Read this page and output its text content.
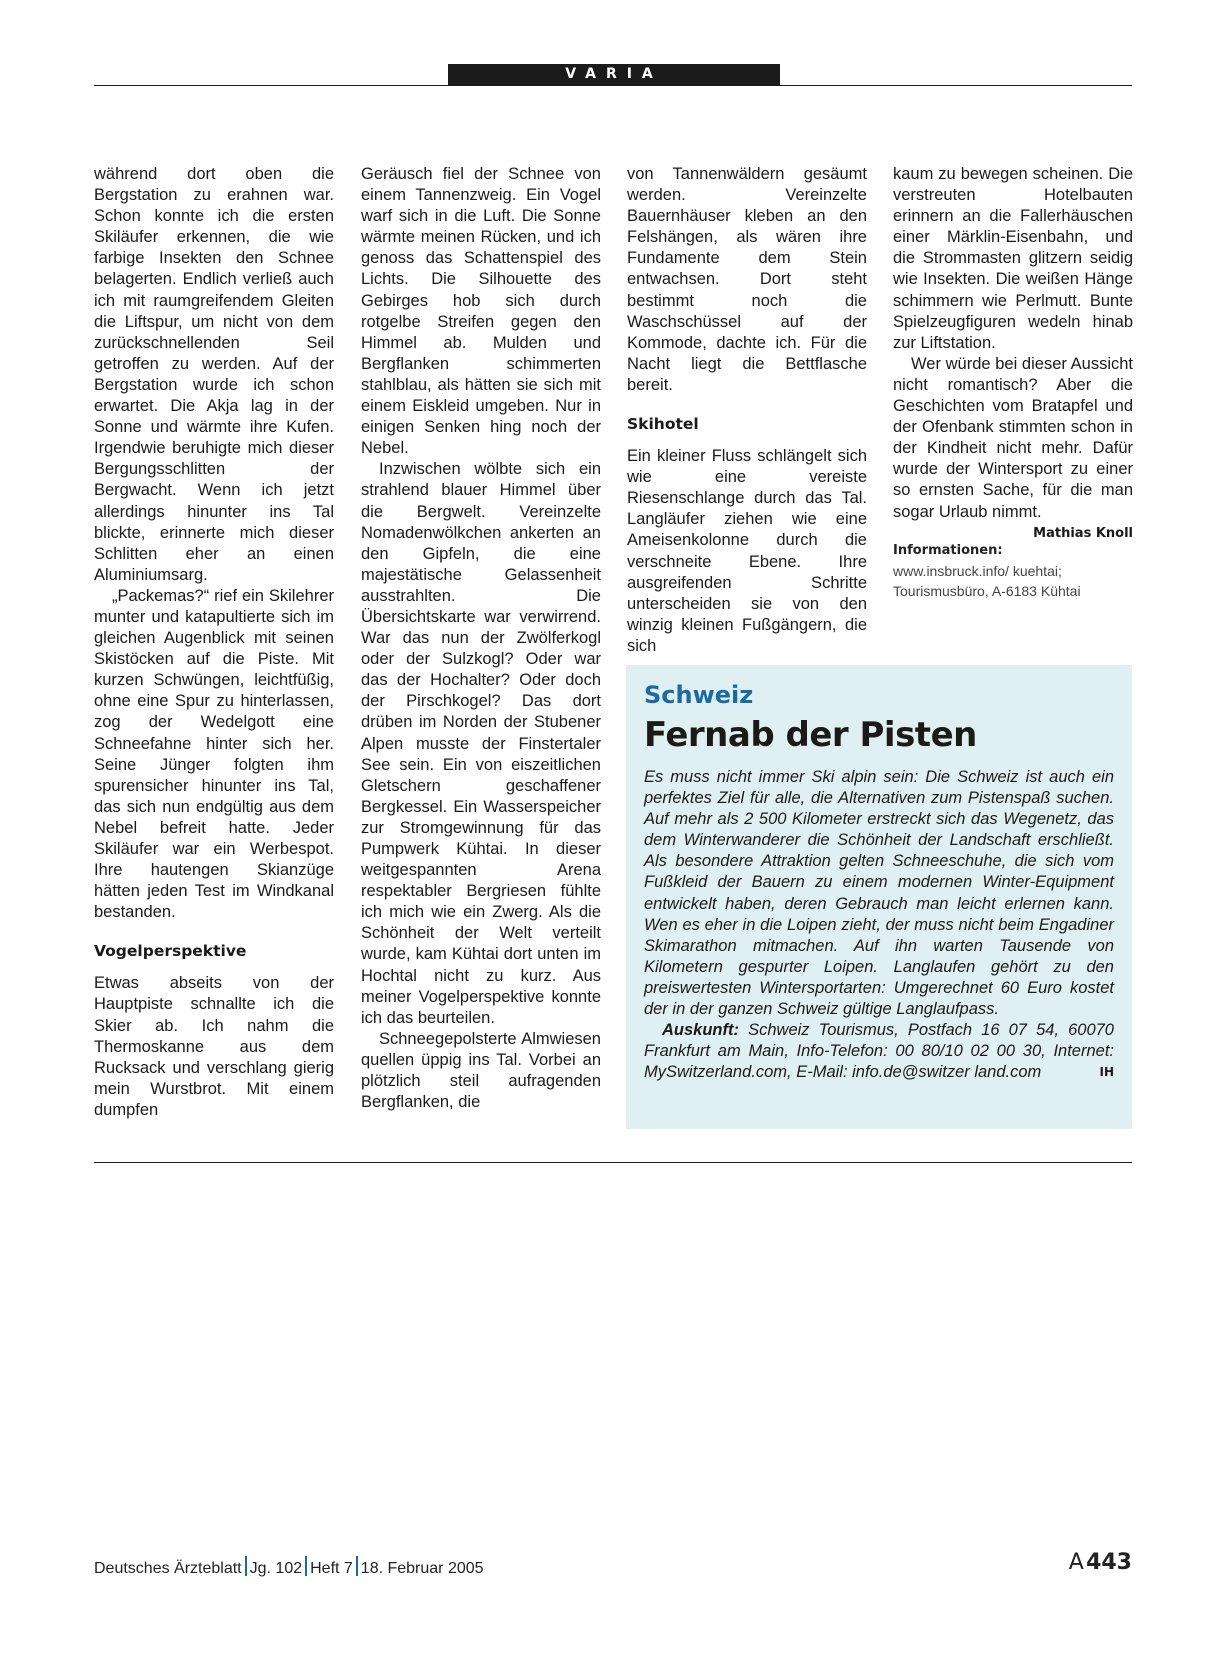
VARIA

während dort oben die Bergstation zu erahnen war. Schon konnte ich die ersten Skiläufer erkennen, die wie farbige Insekten den Schnee belagerten. Endlich verließ auch ich mit raumgreifendem Gleiten die Liftspur, um nicht von dem zurückschnellenden Seil getroffen zu werden. Auf der Bergstation wurde ich schon erwartet. Die Akja lag in der Sonne und wärmte ihre Kufen. Irgendwie beruhigte mich dieser Bergungsschlitten der Bergwacht. Wenn ich jetzt allerdings hinunter ins Tal blickte, erinnerte mich dieser Schlitten eher an einen Aluminiumsarg.

„Packemas?“ rief ein Skilehrer munter und katapultierte sich im gleichen Augenblick mit seinen Skistöcken auf die Piste. Mit kurzen Schwüngen, leichtfüßig, ohne eine Spur zu hinterlassen, zog der Wedelgott eine Schneefahne hinter sich her. Seine Jünger folgten ihm spurensicher hinunter ins Tal, das sich nun endgültig aus dem Nebel befreit hatte. Jeder Skiläufer war ein Werbespot. Ihre hautengen Skianzüge hätten jeden Test im Windkanal bestanden.

Vogelperspektive

Etwas abseits von der Hauptpiste schnallte ich die Skier ab. Ich nahm die Thermoskanne aus dem Rucksack und verschlang gierig mein Wurstbrot. Mit einem dumpfen

Geräusch fiel der Schnee von einem Tannenzweig. Ein Vogel warf sich in die Luft. Die Sonne wärmte meinen Rücken, und ich genoss das Schattenspiel des Lichts. Die Silhouette des Gebirges hob sich durch rotgelbe Streifen gegen den Himmel ab. Mulden und Bergflanken schimmerten stahlblau, als hätten sie sich mit einem Eiskleid umgeben. Nur in einigen Senken hing noch der Nebel.

Inzwischen wölbte sich ein strahlend blauer Himmel über die Bergwelt. Vereinzelte Nomadenwölkchen ankerten an den Gipfeln, die eine majestätische Gelassenheit ausstrahlten. Die Übersichtskarte war verwirrend. War das nun der Zwölferkogl oder der Sulzkogl? Oder war das der Hochalter? Oder doch der Pirschkogel? Das dort drüben im Norden der Stubener Alpen musste der Finstertaler See sein. Ein von eiszeitlichen Gletschern geschaffener Bergkessel. Ein Wasserspeicher zur Stromgewinnung für das Pumpwerk Kühtai. In dieser weitgespannten Arena respektabler Bergriesen fühlte ich mich wie ein Zwerg. Als die Schönheit der Welt verteilt wurde, kam Kühtai dort unten im Hochtal nicht zu kurz. Aus meiner Vogelperspektive konnte ich das beurteilen.

Schneegepolsterte Almwiesen quellen üppig ins Tal. Vorbei an plötzlich steil aufragenden Bergflanken, die

von Tannenwäldern gesäumt werden. Vereinzelte Bauernhäuser kleben an den Felshängen, als wären ihre Fundamente dem Stein entwachsen. Dort steht bestimmt noch die Waschschüssel auf der Kommode, dachte ich. Für die Nacht liegt die Bettflasche bereit.

Skihotel

Ein kleiner Fluss schlängelt sich wie eine vereiste Riesenschlange durch das Tal. Langläufer ziehen wie eine Ameisenkolonne durch die verschneite Ebene. Ihre ausgreifenden Schritte unterscheiden sie von den winzig kleinen Fußgängern, die sich

kaum zu bewegen scheinen. Die verstreuten Hotelbauten erinnern an die Fallerhäuschen einer Märklin-Eisenbahn, und die Strommasten glitzern seidig wie Insekten. Die weißen Hänge schimmern wie Perlmutt. Bunte Spielzeugfiguren wedeln hinab zur Liftstation.

Wer würde bei dieser Aussicht nicht romantisch? Aber die Geschichten vom Bratapfel und der Ofenbank stimmten schon in der Kindheit nicht mehr. Dafür wurde der Wintersport zu einer so ernsten Sache, für die man sogar Urlaub nimmt.
Mathias Knoll

Informationen: www.insbruck.info/ kuehtai; Tourismusbüro, A-6183 Kühtai
Schweiz
Fernab der Pisten

Es muss nicht immer Ski alpin sein: Die Schweiz ist auch ein perfektes Ziel für alle, die Alternativen zum Pistenspaß suchen. Auf mehr als 2 500 Kilometer erstreckt sich das Wegenetz, das dem Winterwanderer die Schönheit der Landschaft erschließt. Als besondere Attraktion gelten Schneeschuhe, die sich vom Fußkleid der Bauern zu einem modernen Winter-Equipment entwickelt haben, deren Gebrauch man leicht erlernen kann. Wen es eher in die Loipen zieht, der muss nicht beim Engadiner Skimarathon mitmachen. Auf ihn warten Tausende von Kilometern gespurter Loipen. Langlaufen gehört zu den preiswertesten Wintersportarten: Umgerechnet 60 Euro kostet der in der ganzen Schweiz gültige Langlaufpass.

Auskunft: Schweiz Tourismus, Postfach 16 07 54, 60070 Frankfurt am Main, Info-Telefon: 00 80/10 02 00 30, Internet: MySwitzerland.com, E-Mail: info.de@switzer land.com	IH

Deutsches Ärzteblatt Jg. 102 Heft 7 18. Februar 2005	A  443
